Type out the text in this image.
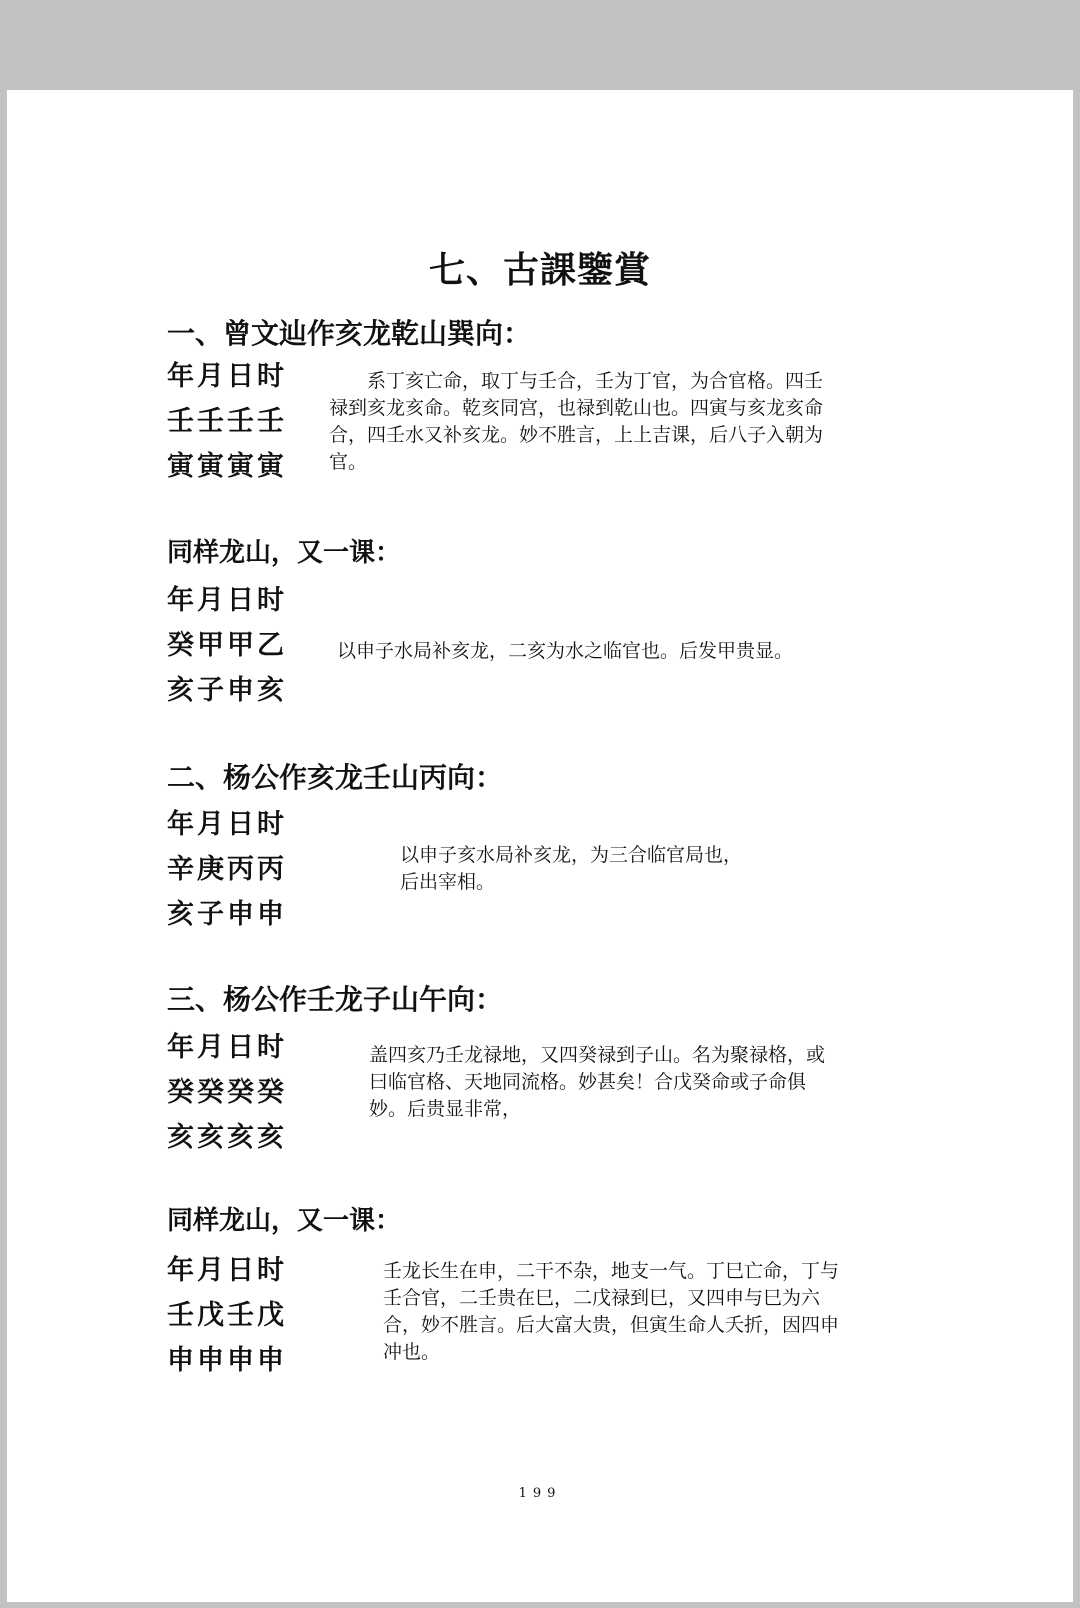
七、古課鑒賞
一、曾文辿作亥龙乾山巽向：
年月日时
壬壬壬壬
寅寅寅寅

系丁亥亡命，取丁与壬合，壬为丁官，为合官格。四壬禄到亥龙亥命。乾亥同宫，也禄到乾山也。四寅与亥龙亥命合，四壬水又补亥龙。妙不胜言，上上吉课，后八子入朝为官。

同样龙山，又一课：
年月日时
癸甲甲乙
亥子申亥

以申子水局补亥龙，二亥为水之临官也。后发甲贵显。

二、杨公作亥龙壬山丙向：
年月日时
辛庚丙丙
亥子申申

以申子亥水局补亥龙，为三合临官局也，后出宰相。

三、杨公作壬龙子山午向：
年月日时
癸癸癸癸
亥亥亥亥

盖四亥乃壬龙禄地，又四癸禄到子山。名为聚禄格，或曰临官格、天地同流格。妙甚矣！合戊癸命或子命俱妙。后贵显非常，

同样龙山，又一课：
年月日时
壬戊壬戊
申申申申

壬龙长生在申，二干不杂，地支一气。丁巳亡命，丁与壬合官，二壬贵在巳，二戊禄到巳，又四申与巳为六合，妙不胜言。后大富大贵，但寅生命人夭折，因四申冲也。

199
